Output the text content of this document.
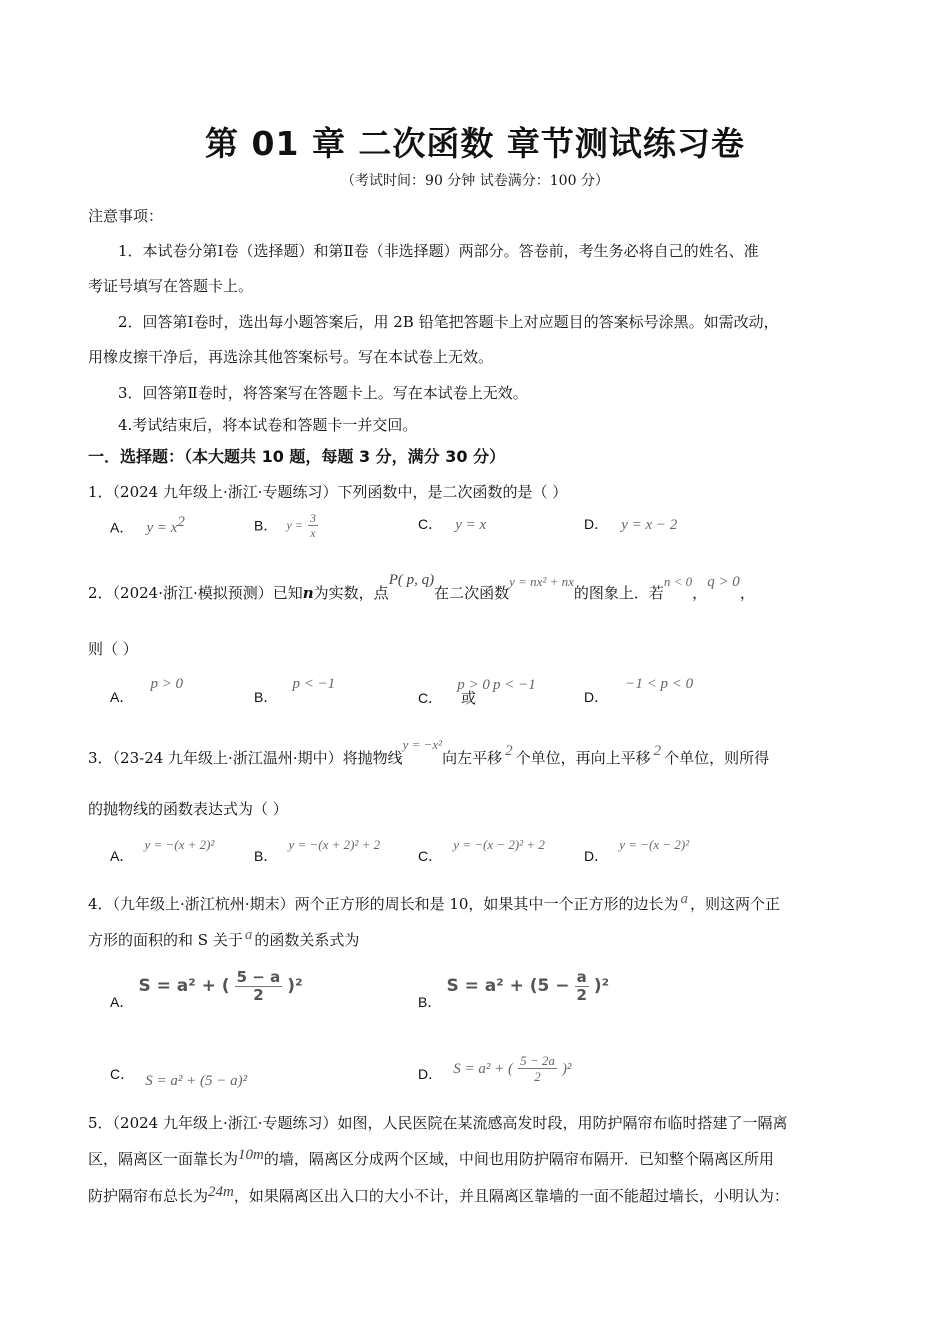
第 01 章 二次函数 章节测试练习卷
（考试时间：90 分钟 试卷满分：100 分）
注意事项：
1．本试卷分第Ⅰ卷（选择题）和第Ⅱ卷（非选择题）两部分。答卷前，考生务必将自己的姓名、准
考证号填写在答题卡上。
2．回答第Ⅰ卷时，选出每小题答案后，用 2B 铅笔把答题卡上对应题目的答案标号涂黑。如需改动，
用橡皮擦干净后，再选涂其他答案标号。写在本试卷上无效。
3．回答第Ⅱ卷时，将答案写在答题卡上。写在本试卷上无效。
4.考试结束后，将本试卷和答题卡一并交回。
一．选择题：（本大题共 10 题，每题 3 分，满分 30 分）
1．（2024 九年级上·浙江·专题练习）下列函数中，是二次函数的是（ ）
A． $y = x^2$	B． $y = \frac{3}{x}$	C． y = x	D． y = x − 2
2．（2024·浙江·模拟预测）已知n为实数，点P( p, q)在二次函数y = nx² + nx的图象上．若n < 0，q > 0，
则（ ）
A． p > 0
B． p < −1
C． p > 0 或 p < −1
D． −1 < p < 0
3．（23-24 九年级上·浙江温州·期中）将抛物线y = −x²向左平移 2 个单位，再向上平移 2 个单位，则所得
的抛物线的函数表达式为（ ）
A． y = −(x + 2)²
B． y = −(x + 2)² + 2
C． y = −(x − 2)² + 2
D． y = −(x − 2)²
4．（九年级上·浙江杭州·期末）两个正方形的周长和是 10，如果其中一个正方形的边长为 a ，则这两个正
方形的面积的和 S 关于 a 的函数关系式为
A． S = a² + ( $\frac{5 - a}{2} )^2$
B． $S = a^2 + (5 - \frac{a}{2} )^2$
C． S = a² + (5 − a)²	D． S = a² + ( $\frac{5 - 2a}{2} )^2$
5．（2024 九年级上·浙江·专题练习）如图，人民医院在某流感高发时段，用防护隔帘布临时搭建了一隔离
区，隔离区一面靠长为10m的墙，隔离区分成两个区域，中间也用防护隔帘布隔开．已知整个隔离区所用
防护隔帘布总长为24m，如果隔离区出入口的大小不计，并且隔离区靠墙的一面不能超过墙长，小明认为：
